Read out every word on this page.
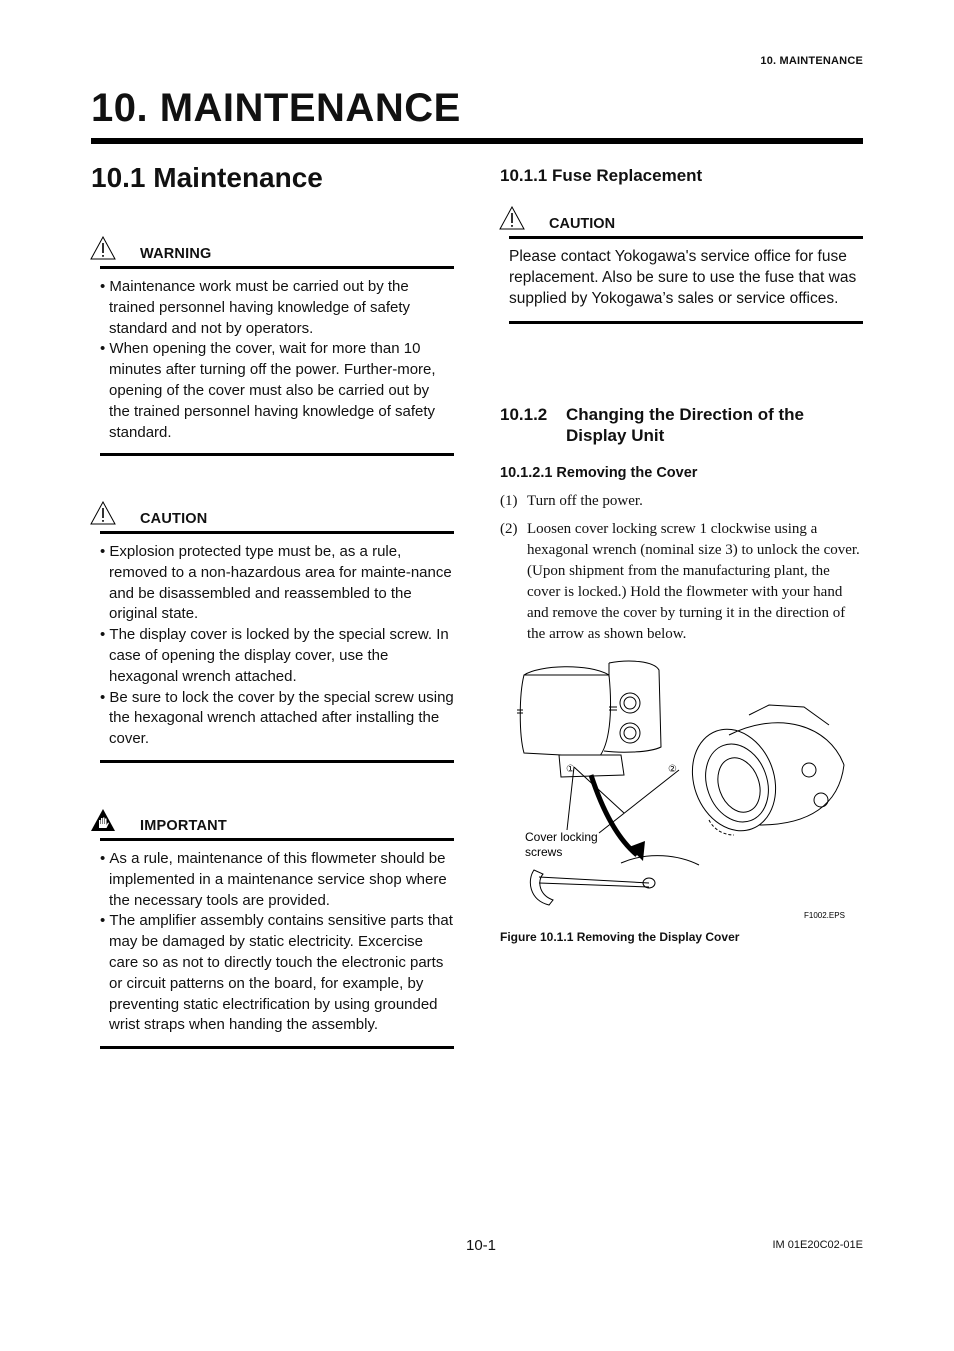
10. MAINTENANCE
10. MAINTENANCE
10.1 Maintenance
WARNING
• Maintenance work must be carried out by the trained personnel having knowledge of safety standard and not by operators.
• When opening the cover, wait for more than 10 minutes after turning off the power. Further-more, opening of the cover must also be carried out by the trained personnel having knowledge of safety standard.
CAUTION
• Explosion protected type must be, as a rule, removed to a non-hazardous area for mainte-nance and be disassembled and reassembled to the original state.
• The display cover is locked by the special screw. In case of opening the display cover, use the hexagonal wrench attached.
• Be sure to lock the cover by the special screw using the hexagonal wrench attached after installing the cover.
IMPORTANT
• As a rule, maintenance of this flowmeter should be implemented in a maintenance service shop where the necessary tools are provided.
• The amplifier assembly contains sensitive parts that may be damaged by static electricity. Excercise care so as not to directly touch the electronic parts or circuit patterns on the board, for example, by preventing static electrification by using grounded wrist straps when handing the assembly.
10.1.1 Fuse Replacement
CAUTION

Please contact Yokogawa's service office for fuse replacement. Also be sure to use the fuse that was supplied by Yokogawa’s sales or service offices.

10.1.2	Changing the Direction of the Display Unit
10.1.2.1 Removing the Cover
(1) Turn off the power.
(2) Loosen cover locking screw 1 clockwise using a hexagonal wrench (nominal size 3) to unlock the cover. (Upon shipment from the manufacturing plant, the cover is locked.) Hold the flowmeter with your hand and remove the cover by turning it in the direction of the arrow as shown below.
①	②
Cover locking
screws
F1002.EPS
Figure 10.1.1 Removing the Display Cover
10-1	IM 01E20C02-01E
